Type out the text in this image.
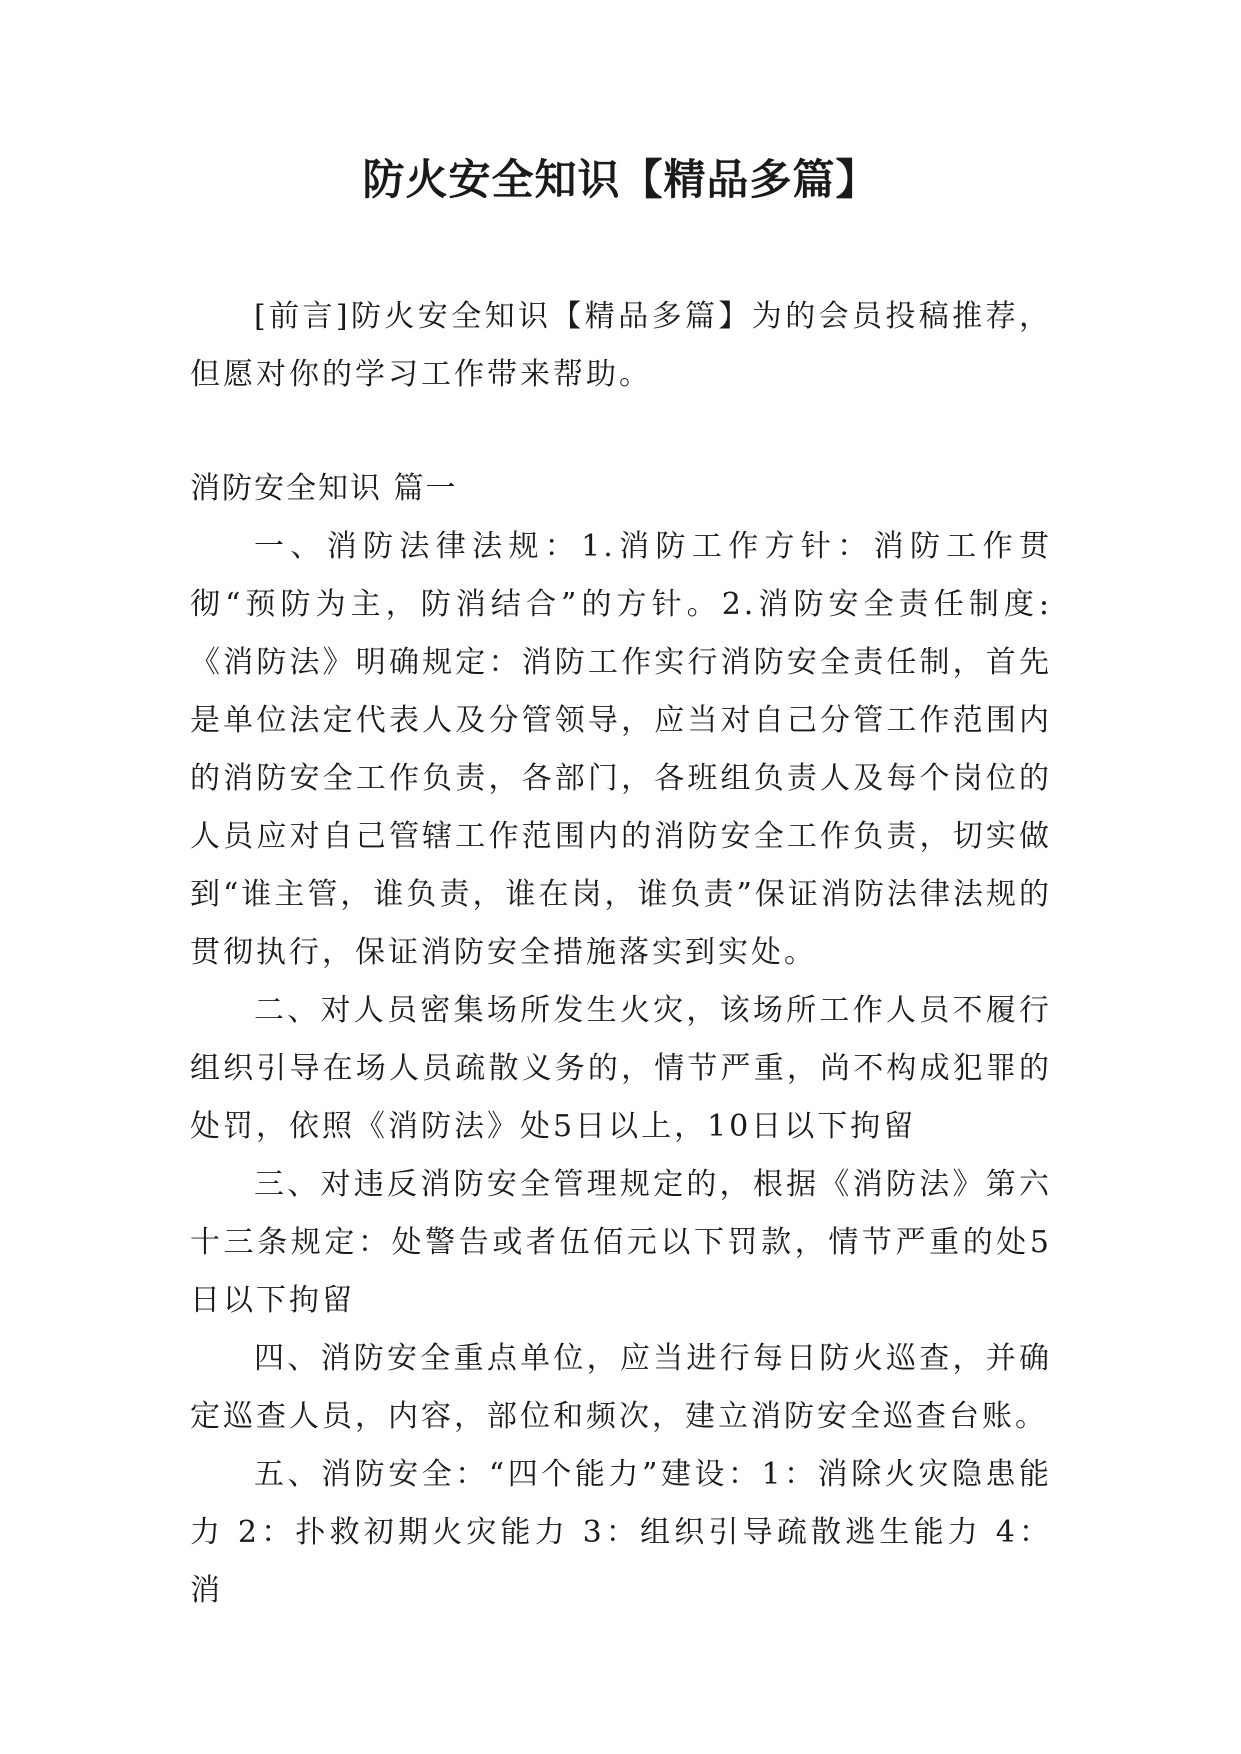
防火安全知识【精品多篇】

[前言]防火安全知识【精品多篇】为的会员投稿推荐，但愿对你的学习工作带来帮助。

消防安全知识 篇一

一、消防法律法规：1.消防工作方针：消防工作贯彻“预防为主，防消结合”的方针。2.消防安全责任制度:《消防法》明确规定：消防工作实行消防安全责任制，首先是单位法定代表人及分管领导，应当对自己分管工作范围内的消防安全工作负责，各部门，各班组负责人及每个岗位的人员应对自己管辖工作范围内的消防安全工作负责，切实做到“谁主管，谁负责，谁在岗，谁负责”保证消防法律法规的贯彻执行，保证消防安全措施落实到实处。

二、对人员密集场所发生火灾，该场所工作人员不履行组织引导在场人员疏散义务的，情节严重，尚不构成犯罪的处罚，依照《消防法》处5日以上，10日以下拘留

三、对违反消防安全管理规定的，根据《消防法》第六十三条规定：处警告或者伍佰元以下罚款，情节严重的处5日以下拘留

四、消防安全重点单位，应当进行每日防火巡查，并确定巡查人员，内容，部位和频次，建立消防安全巡查台账。

五、消防安全：“四个能力”建设：1：消除火灾隐患能力 2：扑救初期火灾能力 3：组织引导疏散逃生能力 4：消
